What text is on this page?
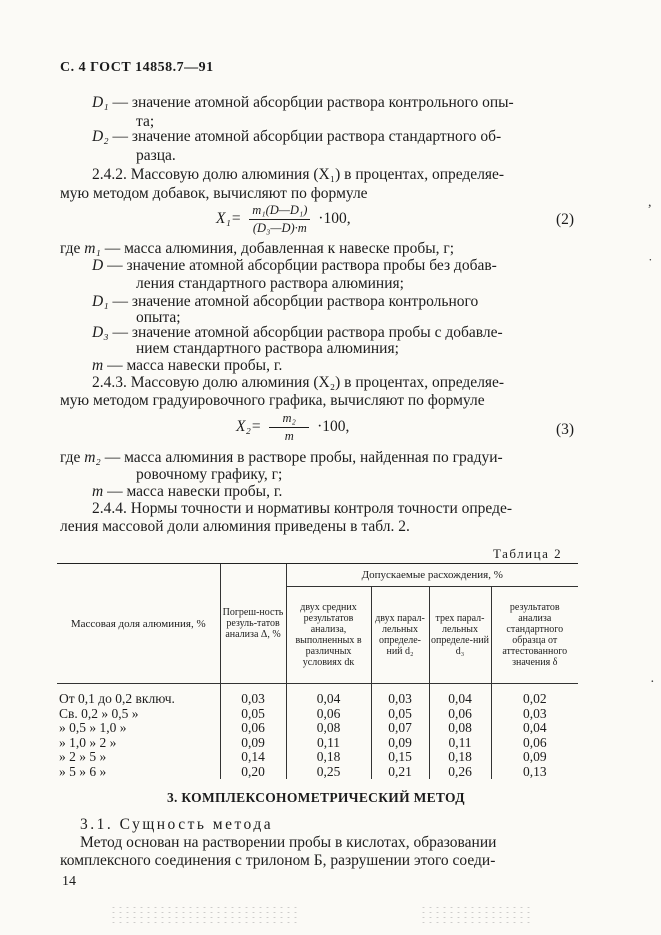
С. 4 ГОСТ 14858.7—91
D₁ — значение атомной абсорбции раствора контрольного опы-
та;
D₂ — значение атомной абсорбции раствора стандартного об-
разца.
2.4.2. Массовую долю алюминия (X₁) в процентах, определяе-
мую методом добавок, вычисляют по формуле
$X_1= \frac{\text{m₁(D—D₁)}}{\text{(D₃—D)·m}} \cdot 100$,	(2)
где m₁ — масса алюминия, добавленная к навеске пробы, г;
D — значение атомной абсорбции раствора пробы без добав-
ления стандартного раствора алюминия;
D₁ — значение атомной абсорбции раствора контрольного
опыта;
D₃ — значение атомной абсорбции раствора пробы с добавле-
нием стандартного раствора алюминия;
m — масса навески пробы, г.
2.4.3. Массовую долю алюминия (X₂) в процентах, определяе-
мую методом градуировочного графика, вычисляют по формуле
$X_2= \frac{\text{m₂}}{m} \cdot 100$,	(3)
где m₂ — масса алюминия в растворе пробы, найденная по градуи-
ровочному графику, г;
m — масса навески пробы, г.
2.4.4. Нормы точности и нормативы контроля точности опреде-
ления массовой доли алюминия приведены в табл. 2.
Таблица 2
Массовая доля алюминия, %	Погреш-ность резуль-татов анализа Δ, %	Допускаемые расхождения, %			
		двух средних результатов анализа, выполненных в различных условиях dк	двух парал-лельных определе-ний d₂	трех парал-лельных определе-ний d₃	результатов анализа стандартного образца от аттестованного значения δ

От 0,1 до 0,2 включ.	0,03	0,04	0,03	0,04	0,02
Св. 0,2 » 0,5 »	0,05	0,06	0,05	0,06	0,03
» 0,5 » 1,0 »	0,06	0,08	0,07	0,08	0,04
» 1,0 » 2 »	0,09	0,11	0,09	0,11	0,06
» 2 » 5 »	0,14	0,18	0,15	0,18	0,09
» 5 » 6 »	0,20	0,25	0,21	0,26	0,13
3. КОМПЛЕКСОНОМЕТРИЧЕСКИЙ МЕТОД
3.1. Сущность метода
Метод основан на растворении пробы в кислотах, образовании
комплексного соединения с трилоном Б, разрушении этого соеди-
14
,
˙
·
